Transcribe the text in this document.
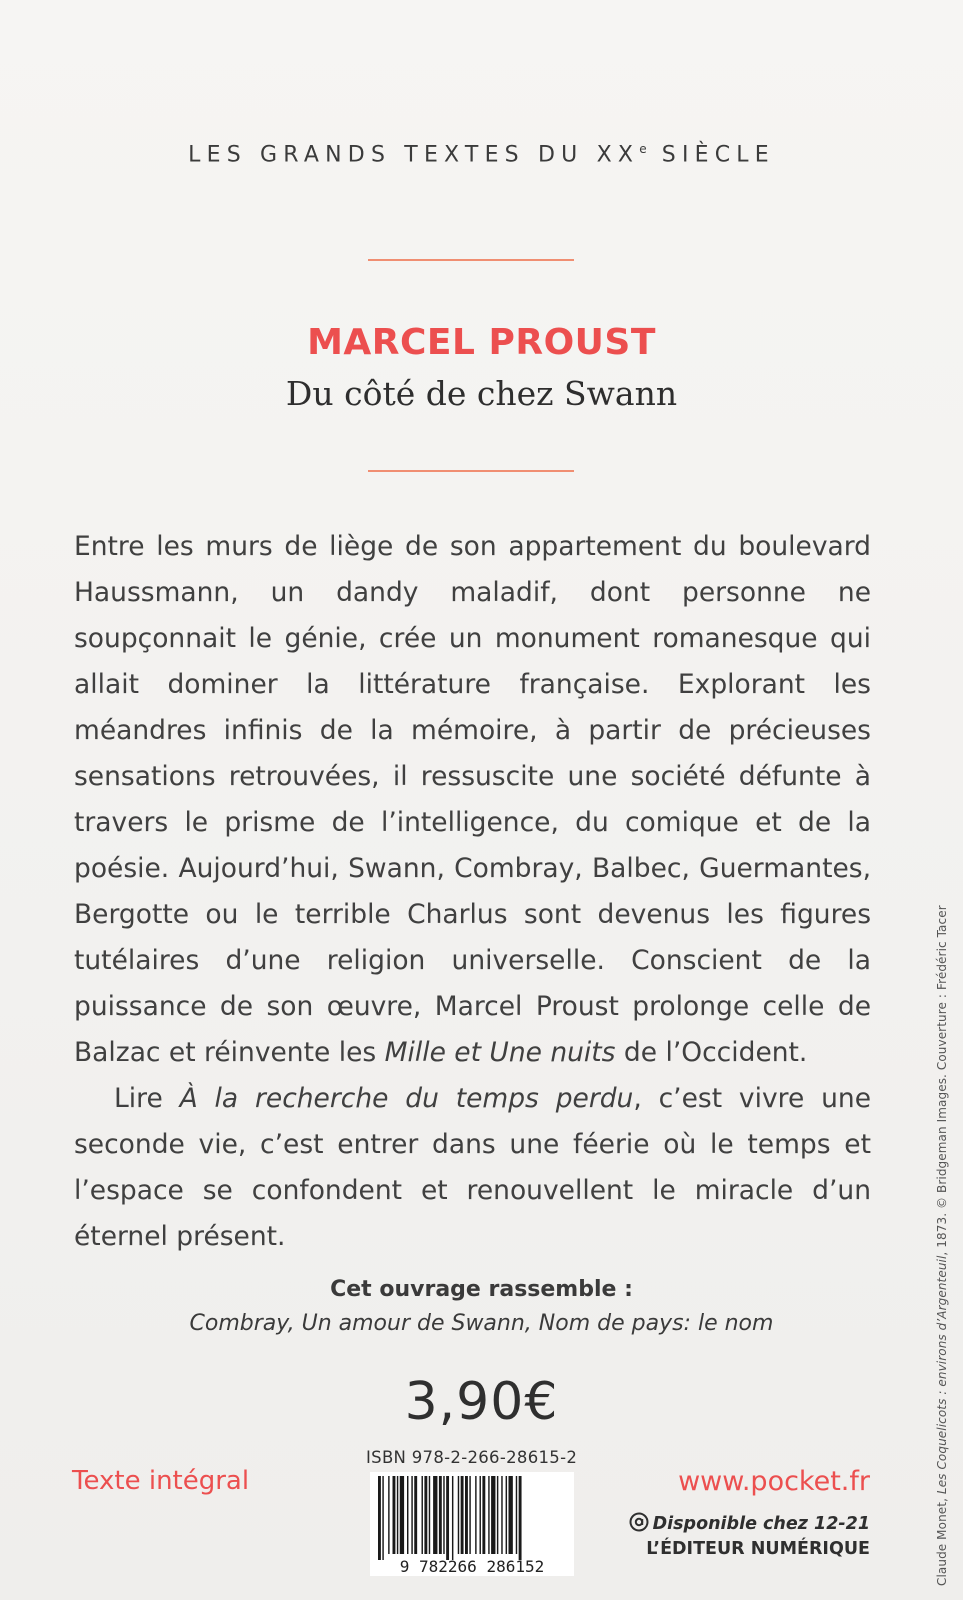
LES GRANDS TEXTES DU XXe SIÈCLE
MARCEL PROUST
Du côté de chez Swann

Entre les murs de liège de son appartement du boulevard Haussmann, un dandy maladif, dont personne ne soupçonnait le génie, crée un monument romanesque qui allait dominer la littérature française. Explorant les méandres infinis de la mémoire, à partir de précieuses sensations retrouvées, il ressuscite une société défunte à travers le prisme de l’intelligence, du comique et de la poésie. Aujourd’hui, Swann, Combray, Balbec, Guermantes, Bergotte ou le terrible Charlus sont devenus les figures tutélaires d’une religion universelle. Conscient de la puissance de son œuvre, Marcel Proust prolonge celle de Balzac et réinvente les Mille et Une nuits de l’Occident.

Lire À la recherche du temps perdu, c’est vivre une seconde vie, c’est entrer dans une féerie où le temps et l’espace se confondent et renouvellent le miracle d’un éternel présent.

Cet ouvrage rassemble :
Combray, Un amour de Swann, Nom de pays: le nom
3,90€
ISBN 978-2-266-28615-2
9 782266 286152
Texte intégral	www.pocket.fr
Disponible chez 12-21
L’ÉDITEUR NUMÉRIQUE	Claude Monet, Les Coquelicots : environs d’Argenteuil, 1873. © Bridgeman Images. Couverture : Frédéric Tacer
